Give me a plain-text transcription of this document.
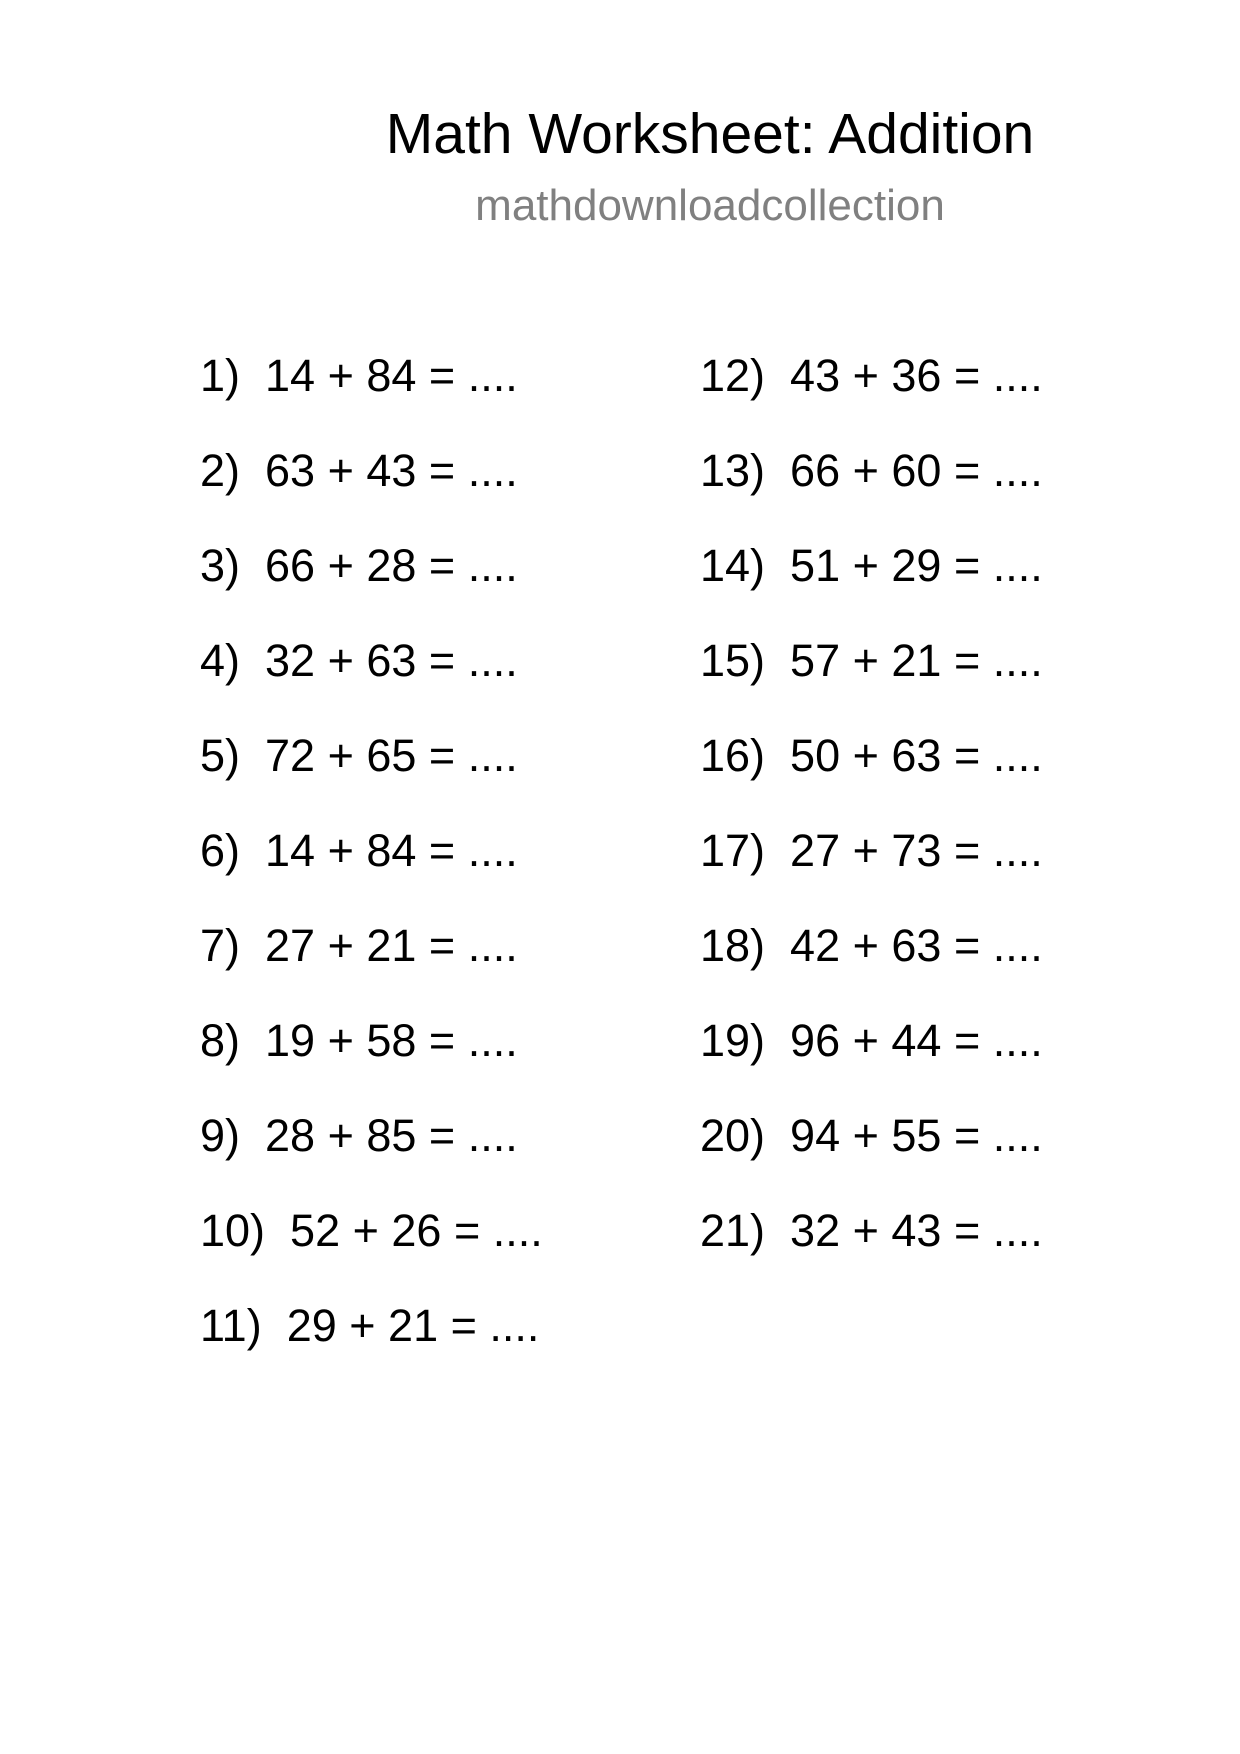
Math Worksheet: Addition
mathdownloadcollection
1)  14 + 84 = ....
2)  63 + 43 = ....
3)  66 + 28 = ....
4)  32 + 63 = ....
5)  72 + 65 = ....
6)  14 + 84 = ....
7)  27 + 21 = ....
8)  19 + 58 = ....
9)  28 + 85 = ....
10)  52 + 26 = ....
11)  29 + 21 = ....
12)  43 + 36 = ....
13)  66 + 60 = ....
14)  51 + 29 = ....
15)  57 + 21 = ....
16)  50 + 63 = ....
17)  27 + 73 = ....
18)  42 + 63 = ....
19)  96 + 44 = ....
20)  94 + 55 = ....
21)  32 + 43 = ....
